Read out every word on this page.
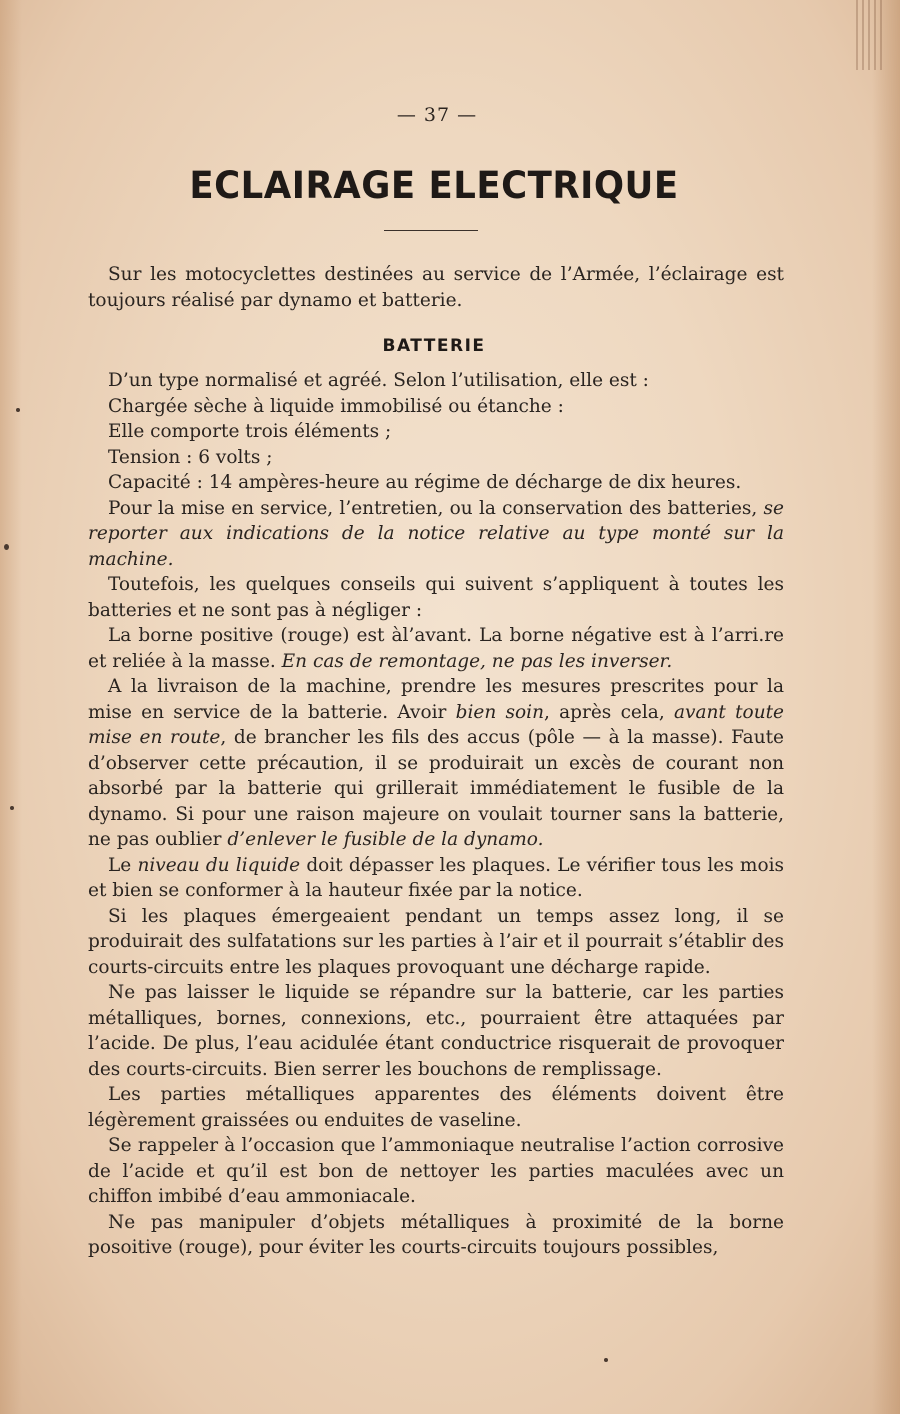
— 37 —
ECLAIRAGE ELECTRIQUE

Sur les motocyclettes destinées au service de l’Armée, l’éclairage est toujours réalisé par dynamo et batterie.

BATTERIE
D’un type normalisé et agréé. Selon l’utilisation, elle est :
Chargée sèche à liquide immobilisé ou étanche :
Elle comporte trois éléments ;
Tension : 6 volts ;
Capacité : 14 ampères-heure au régime de décharge de dix heures.

Pour la mise en service, l’entretien, ou la conservation des batteries, se reporter aux indications de la notice relative au type monté sur la machine.

Toutefois, les quelques conseils qui suivent s’appliquent à toutes les batteries et ne sont pas à négliger :

La borne positive (rouge) est àl’avant. La borne négative est à l’arri.re et reliée à la masse. En cas de remontage, ne pas les inverser.

A la livraison de la machine, prendre les mesures prescrites pour la mise en service de la batterie. Avoir bien soin, après cela, avant toute mise en route, de brancher les fils des accus (pôle — à la masse). Faute d’observer cette précaution, il se produirait un excès de courant non absorbé par la batterie qui grillerait immédiatement le fusible de la dynamo. Si pour une raison majeure on voulait tourner sans la batterie, ne pas oublier d’enlever le fusible de la dynamo.

Le niveau du liquide doit dépasser les plaques. Le vérifier tous les mois et bien se conformer à la hauteur fixée par la notice.

Si les plaques émergeaient pendant un temps assez long, il se produirait des sulfatations sur les parties à l’air et il pourrait s’établir des courts-circuits entre les plaques provoquant une décharge rapide.

Ne pas laisser le liquide se répandre sur la batterie, car les parties métalliques, bornes, connexions, etc., pourraient être attaquées par l’acide. De plus, l’eau acidulée étant conductrice risquerait de provoquer des courts-circuits. Bien serrer les bouchons de remplissage.

Les parties métalliques apparentes des éléments doivent être légèrement graissées ou enduites de vaseline.

Se rappeler à l’occasion que l’ammoniaque neutralise l’action corrosive de l’acide et qu’il est bon de nettoyer les parties maculées avec un chiffon imbibé d’eau ammoniacale.

Ne pas manipuler d’objets métalliques à proximité de la borne posoitive (rouge), pour éviter les courts-circuits toujours possibles,
